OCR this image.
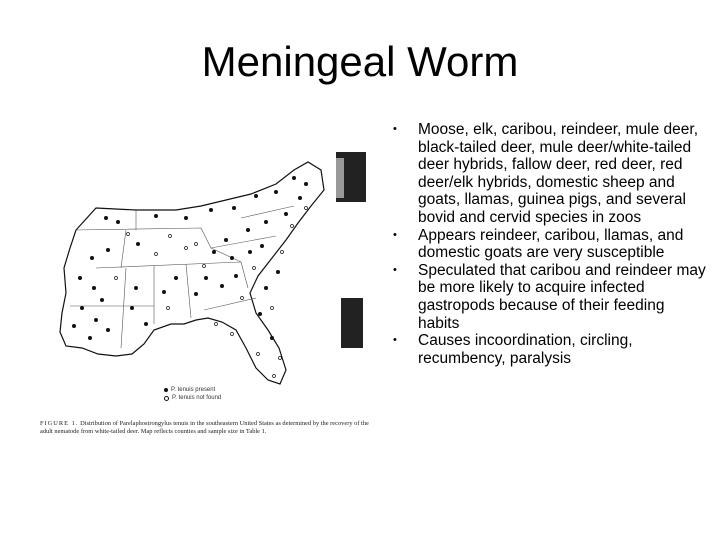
Meningeal Worm
P. tenuis present
P. tenuis not found
FIGURE 1. Distribution of Parelaphostrongylus tenuis in the southeastern United States as determined by the recovery of the adult nematode from white-tailed deer. Map reflects counties and sample size in Table 1.
• Moose, elk, caribou, reindeer, mule deer, black-tailed deer, mule deer/white-tailed deer hybrids, fallow deer, red deer, red deer/elk hybrids, domestic sheep and goats, llamas, guinea pigs, and several bovid and cervid species in zoos
• Appears reindeer, caribou, llamas, and domestic goats are very susceptible
• Speculated that caribou and reindeer may be more likely to acquire infected gastropods because of their feeding habits
• Causes incoordination, circling, recumbency, paralysis
